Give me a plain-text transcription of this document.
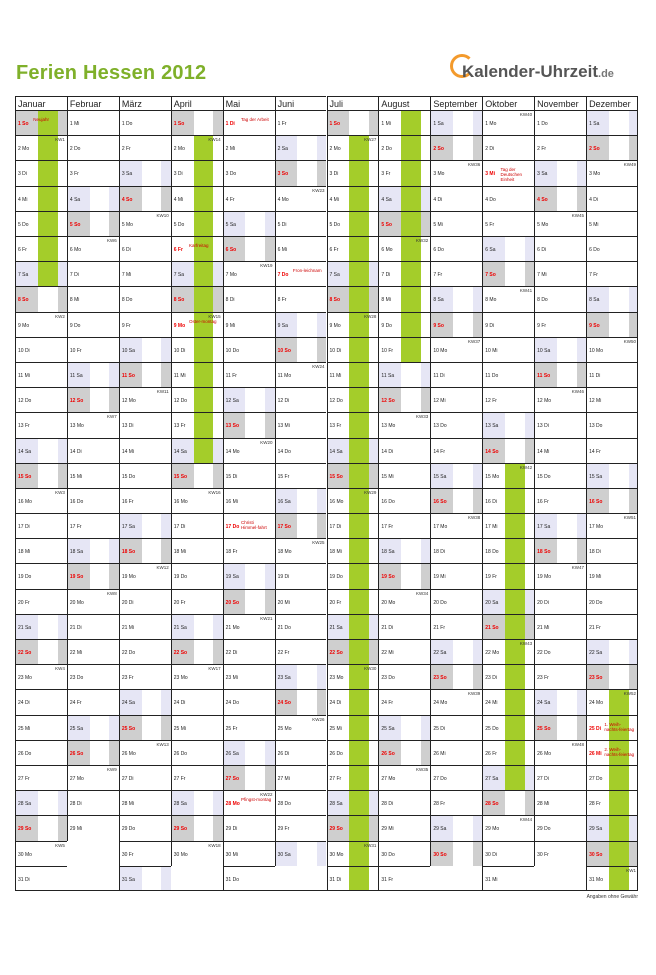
Ferien Hessen 2012	Kalender-Uhrzeit.de
Januar
1 So
Neujahr
2 Mo
KW1
3 Di
4 Mi
5 Do
6 Fr
7 Sa
8 So
9 Mo
KW2
10 Di
11 Mi
12 Do
13 Fr
14 Sa
15 So
16 Mo
KW3
17 Di
18 Mi
19 Do
20 Fr
21 Sa
22 So
23 Mo
KW4
24 Di
25 Mi
26 Do
27 Fr
28 Sa
29 So
30 Mo
KW5
31 Di
Februar
1 Mi
2 Do
3 Fr
4 Sa
5 So
6 Mo
KW6
7 Di
8 Mi
9 Do
10 Fr
11 Sa
12 So
13 Mo
KW7
14 Di
15 Mi
16 Do
17 Fr
18 Sa
19 So
20 Mo
KW8
21 Di
22 Mi
23 Do
24 Fr
25 Sa
26 So
27 Mo
KW9
28 Di
29 Mi
März
1 Do
2 Fr
3 Sa
4 So
5 Mo
KW10
6 Di
7 Mi
8 Do
9 Fr
10 Sa
11 So
12 Mo
KW11
13 Di
14 Mi
15 Do
16 Fr
17 Sa
18 So
19 Mo
KW12
20 Di
21 Mi
22 Do
23 Fr
24 Sa
25 So
26 Mo
KW13
27 Di
28 Mi
29 Do
30 Fr
31 Sa
April
1 So
2 Mo
KW14
3 Di
4 Mi
5 Do
6 Fr
Karfreitag
7 Sa
8 So
9 Mo
KW15
Oster-montag
10 Di
11 Mi
12 Do
13 Fr
14 Sa
15 So
16 Mo
KW16
17 Di
18 Mi
19 Do
20 Fr
21 Sa
22 So
23 Mo
KW17
24 Di
25 Mi
26 Do
27 Fr
28 Sa
29 So
30 Mo
KW18
Mai
1 Di
Tag der Arbeit
2 Mi
3 Do
4 Fr
5 Sa
6 So
7 Mo
KW19
8 Di
9 Mi
10 Do
11 Fr
12 Sa
13 So
14 Mo
KW20
15 Di
16 Mi
17 Do
Christi Himmel-fahrt
18 Fr
19 Sa
20 So
21 Mo
KW21
22 Di
23 Mi
24 Do
25 Fr
26 Sa
27 So
28 Mo
KW22
Pfingst-montag
29 Di
30 Mi
31 Do
Juni
1 Fr
2 Sa
3 So
4 Mo
KW23
5 Di
6 Mi
7 Do
Fron-leichnam
8 Fr
9 Sa
10 So
11 Mo
KW24
12 Di
13 Mi
14 Do
15 Fr
16 Sa
17 So
18 Mo
KW25
19 Di
20 Mi
21 Do
22 Fr
23 Sa
24 So
25 Mo
KW26
26 Di
27 Mi
28 Do
29 Fr
30 Sa
Juli
1 So
2 Mo
KW27
3 Di
4 Mi
5 Do
6 Fr
7 Sa
8 So
9 Mo
KW28
10 Di
11 Mi
12 Do
13 Fr
14 Sa
15 So
16 Mo
KW29
17 Di
18 Mi
19 Do
20 Fr
21 Sa
22 So
23 Mo
KW30
24 Di
25 Mi
26 Do
27 Fr
28 Sa
29 So
30 Mo
KW31
31 Di
August
1 Mi
2 Do
3 Fr
4 Sa
5 So
6 Mo
KW32
7 Di
8 Mi
9 Do
10 Fr
11 Sa
12 So
13 Mo
KW33
14 Di
15 Mi
16 Do
17 Fr
18 Sa
19 So
20 Mo
KW34
21 Di
22 Mi
23 Do
24 Fr
25 Sa
26 So
27 Mo
KW35
28 Di
29 Mi
30 Do
31 Fr
September
1 Sa
2 So
3 Mo
KW36
4 Di
5 Mi
6 Do
7 Fr
8 Sa
9 So
10 Mo
KW37
11 Di
12 Mi
13 Do
14 Fr
15 Sa
16 So
17 Mo
KW38
18 Di
19 Mi
20 Do
21 Fr
22 Sa
23 So
24 Mo
KW39
25 Di
26 Mi
27 Do
28 Fr
29 Sa
30 So
Oktober
1 Mo
KW40
2 Di
3 Mi
Tag der Deutschen Einheit
4 Do
5 Fr
6 Sa
7 So
8 Mo
KW41
9 Di
10 Mi
11 Do
12 Fr
13 Sa
14 So
15 Mo
KW42
16 Di
17 Mi
18 Do
19 Fr
20 Sa
21 So
22 Mo
KW43
23 Di
24 Mi
25 Do
26 Fr
27 Sa
28 So
29 Mo
KW44
30 Di
31 Mi
November
1 Do
2 Fr
3 Sa
4 So
5 Mo
KW45
6 Di
7 Mi
8 Do
9 Fr
10 Sa
11 So
12 Mo
KW46
13 Di
14 Mi
15 Do
16 Fr
17 Sa
18 So
19 Mo
KW47
20 Di
21 Mi
22 Do
23 Fr
24 Sa
25 So
26 Mo
KW48
27 Di
28 Mi
29 Do
30 Fr
Dezember
1 Sa
2 So
3 Mo
KW49
4 Di
5 Mi
6 Do
7 Fr
8 Sa
9 So
10 Mo
KW50
11 Di
12 Mi
13 Do
14 Fr
15 Sa
16 So
17 Mo
KW51
18 Di
19 Mi
20 Do
21 Fr
22 Sa
23 So
24 Mo
KW52
25 Di
1. Weih-nachts-feiertag
26 Mi
2. Weih-nachts-feiertag
27 Do
28 Fr
29 Sa
30 So
31 Mo
KW1
Angaben ohne Gewähr
